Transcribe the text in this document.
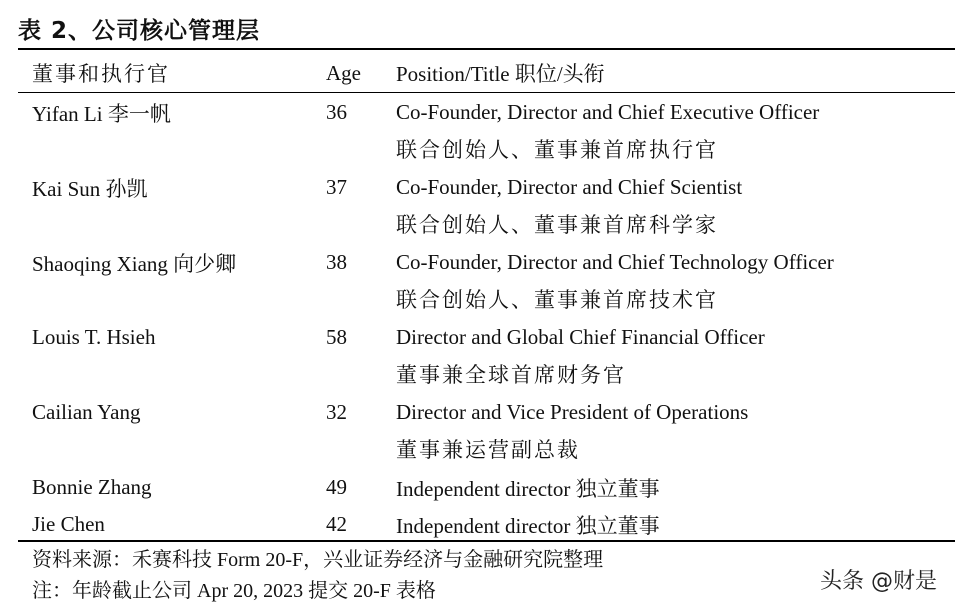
表 2、公司核心管理层
董事和执行官	Age Position/Title 职位/头衔
Yifan Li 李一帆	36 Co-Founder, Director and Chief Executive Officer
联合创始人、董事兼首席执行官
Kai Sun 孙凯	37 Co-Founder, Director and Chief Scientist
联合创始人、董事兼首席科学家
Shaoqing Xiang 向少卿	38 Co-Founder, Director and Chief Technology Officer
联合创始人、董事兼首席技术官
Louis T. Hsieh	58 Director and Global Chief Financial Officer
董事兼全球首席财务官
Cailian Yang	32 Director and Vice President of Operations
董事兼运营副总裁
Bonnie Zhang	49 Independent director 独立董事
Jie Chen	42 Independent director 独立董事
资料来源：禾赛科技 Form 20-F，兴业证券经济与金融研究院整理
注：年龄截止公司 Apr 20, 2023 提交 20-F 表格	头条 @财是
